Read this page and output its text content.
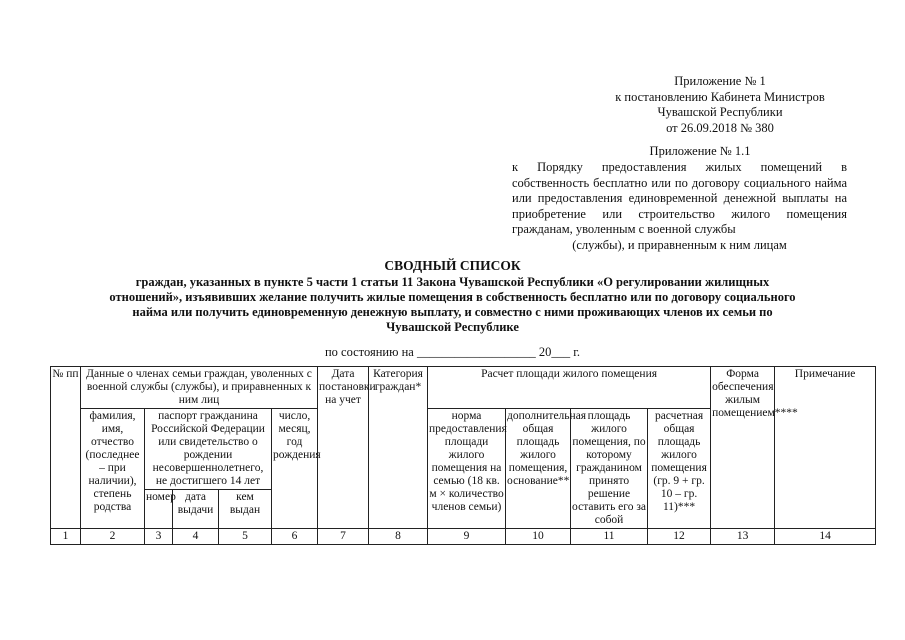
Приложение № 1
к постановлению Кабинета Министров
Чувашской Республики
от 26.09.2018 № 380
Приложение № 1.1
к Порядку предоставления жилых помещений в собственность бесплатно или по договору социального найма или предоставления единовременной денежной выплаты на приобретение или строительство жилого помещения гражданам, уволенным с военной службы
(службы), и приравненным к ним лицам
СВОДНЫЙ СПИСОК
граждан, указанных в пункте 5 части 1 статьи 11 Закона Чувашской Республики «О регулировании жилищных отношений», изъявивших желание получить жилые помещения в собственность бесплатно или по договору социального найма или получить единовременную денежную выплату, и совместно с ними проживающих членов их семьи по Чувашской Республике
по состоянию на ___________________ 20___ г.
№ пп	Данные о членах семьи граждан, уволенных с военной службы (службы), и приравненных к ним лиц					Дата постановки на учет	Категория граждан*	Расчет площади жилого помещения				Форма обеспечения жилым помещением****	Примечание
	фамилия, имя, отчество (последнее – при наличии), степень родства	паспорт гражданина Российской Федерации или свидетельство о рождении несовершеннолетнего, не достигшего 14 лет			число, месяц, год рождения			норма предоставления площади жилого помещения на семью (18 кв. м × количество членов семьи)	дополнительная общая площадь жилого помещения, основание**	площадь жилого помещения, по которому гражданином принято решение оставить его за собой	расчетная общая площадь жилого помещения (гр. 9 + гр. 10 – гр. 11)***		
		номер	дата выдачи	кем выдан									

1	2	3	4	5	6	7	8	9	10	11	12	13	14
